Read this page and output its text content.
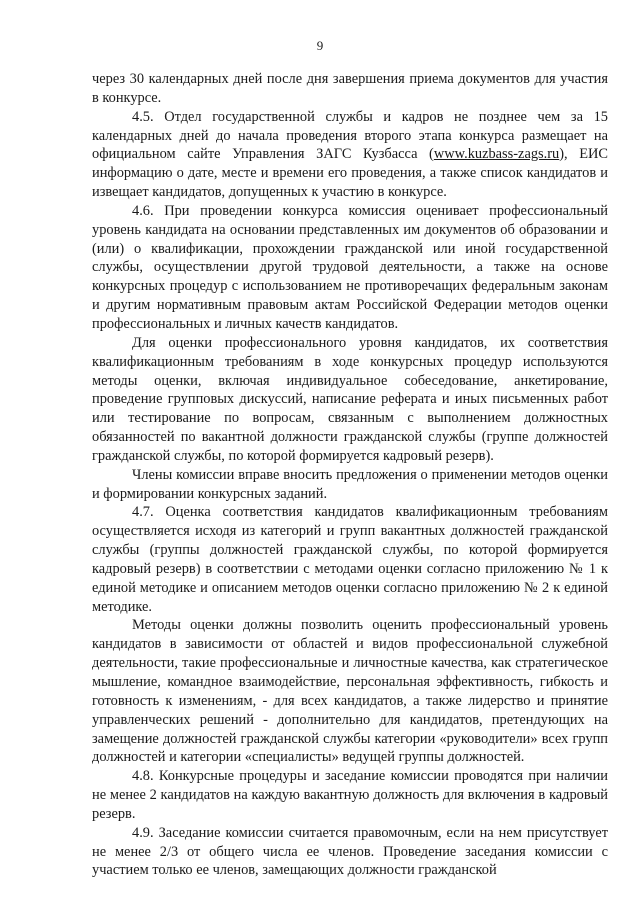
9

через 30 календарных дней после дня завершения приема документов для участия в конкурсе.

4.5. Отдел государственной службы и кадров не позднее чем за 15 календарных дней до начала проведения второго этапа конкурса размещает на официальном сайте Управления ЗАГС Кузбасса (www.kuzbass-zags.ru), ЕИС информацию о дате, месте и времени его проведения, а также список кандидатов и извещает кандидатов, допущенных к участию в конкурсе.

4.6. При проведении конкурса комиссия оценивает профессиональный уровень кандидата на основании представленных им документов об образовании и (или) о квалификации, прохождении гражданской или иной государственной службы, осуществлении другой трудовой деятельности, а также на основе конкурсных процедур с использованием не противоречащих федеральным законам и другим нормативным правовым актам Российской Федерации методов оценки профессиональных и личных качеств кандидатов.

Для оценки профессионального уровня кандидатов, их соответствия квалификационным требованиям в ходе конкурсных процедур используются методы оценки, включая индивидуальное собеседование, анкетирование, проведение групповых дискуссий, написание реферата и иных письменных работ или тестирование по вопросам, связанным с выполнением должностных обязанностей по вакантной должности гражданской службы (группе должностей гражданской службы, по которой формируется кадровый резерв).

Члены комиссии вправе вносить предложения о применении методов оценки и формировании конкурсных заданий.

4.7. Оценка соответствия кандидатов квалификационным требованиям осуществляется исходя из категорий и групп вакантных должностей гражданской службы (группы должностей гражданской службы, по которой формируется кадровый резерв) в соответствии с методами оценки согласно приложению № 1 к единой методике и описанием методов оценки согласно приложению № 2 к единой методике.

Методы оценки должны позволить оценить профессиональный уровень кандидатов в зависимости от областей и видов профессиональной служебной деятельности, такие профессиональные и личностные качества, как стратегическое мышление, командное взаимодействие, персональная эффективность, гибкость и готовность к изменениям, - для всех кандидатов, а также лидерство и принятие управленческих решений - дополнительно для кандидатов, претендующих на замещение должностей гражданской службы категории «руководители» всех групп должностей и категории «специалисты» ведущей группы должностей.

4.8. Конкурсные процедуры и заседание комиссии проводятся при наличии не менее 2 кандидатов на каждую вакантную должность для включения в кадровый резерв.

4.9. Заседание комиссии считается правомочным, если на нем присутствует не менее 2/3 от общего числа ее членов. Проведение заседания комиссии с участием только ее членов, замещающих должности гражданской
